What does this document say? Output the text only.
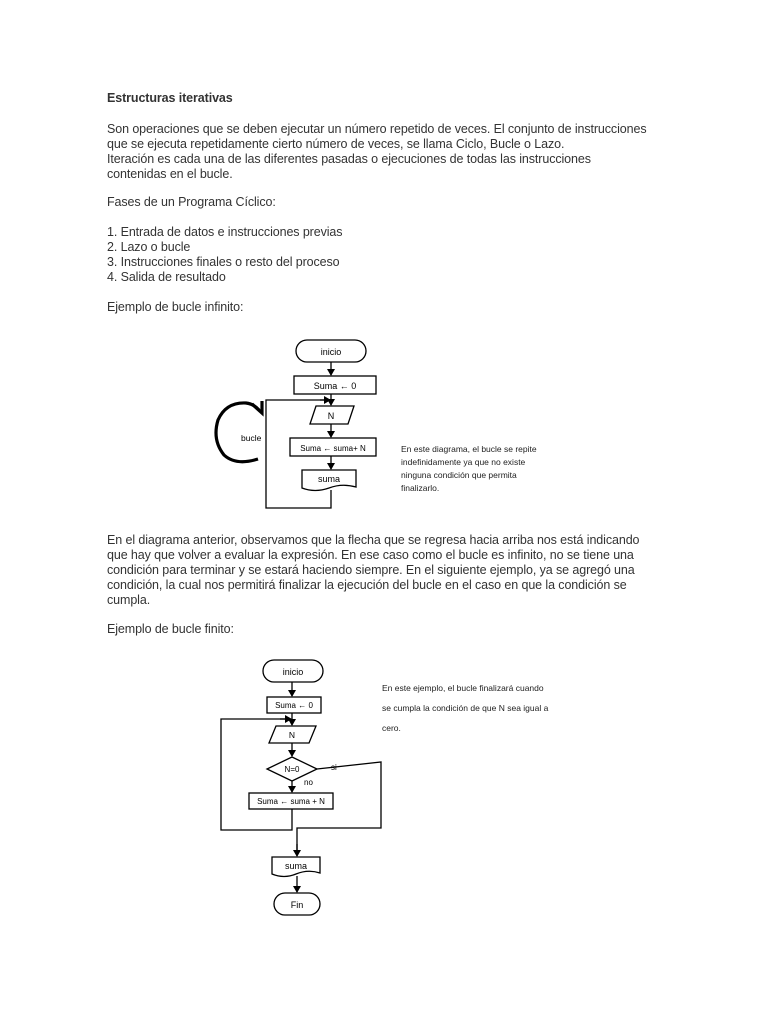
Estructuras iterativas
Son operaciones que se deben ejecutar un número repetido de veces. El conjunto de instrucciones
que se ejecuta repetidamente cierto número de veces, se llama Ciclo, Bucle o Lazo.
Iteración es cada una de las diferentes pasadas o ejecuciones de todas las instrucciones
contenidas en el bucle.
Fases de un Programa Cíclico:
1. Entrada de datos e instrucciones previas
2. Lazo o bucle
3. Instrucciones finales o resto del proceso
4. Salida de resultado
Ejemplo de bucle infinito:
inicio
Suma ← 0
N
Suma ← suma+ N
suma
bucle
En este diagrama, el bucle se repite
indefinidamente ya que no existe
ninguna condición que permita
finalizarlo.
En el diagrama anterior, observamos que la flecha que se regresa hacia arriba nos está indicando
que hay que volver a evaluar la expresión. En ese caso como el bucle es infinito, no se tiene una
condición para terminar y se estará haciendo siempre. En el siguiente ejemplo, ya se agregó una
condición, la cual nos permitirá finalizar la ejecución del bucle en el caso en que la condición se
cumpla.
Ejemplo de bucle finito:
inicio
Suma ← 0
N
N=0	si
no
Suma ← suma + N
suma
Fin
En este ejemplo, el bucle finalizará cuando
se cumpla la condición de que N sea igual a
cero.
